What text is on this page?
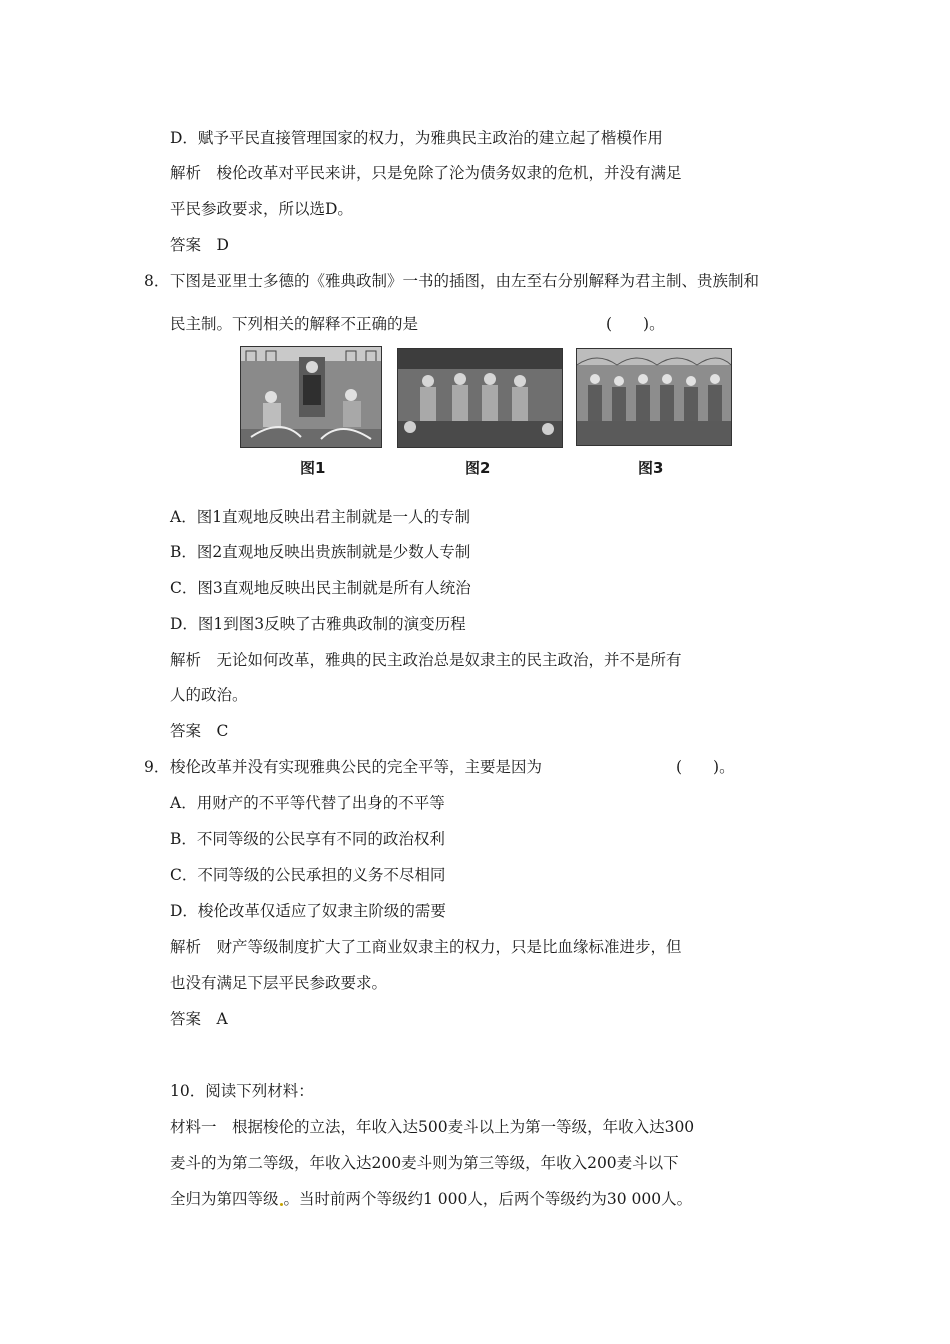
D．赋予平民直接管理国家的权力，为雅典民主政治的建立起了楷模作用
解析　梭伦改革对平民来讲，只是免除了沦为债务奴隶的危机，并没有满足
平民参政要求，所以选D。
答案　D
8． 下图是亚里士多德的《雅典政制》一书的插图，由左至右分别解释为君主制、贵族制和
民主制。下列相关的解释不正确的是	(　　)。
图1	图2	图3
A．图1直观地反映出君主制就是一人的专制
B．图2直观地反映出贵族制就是少数人专制
C．图3直观地反映出民主制就是所有人统治
D．图1到图3反映了古雅典政制的演变历程
解析　无论如何改革，雅典的民主政治总是奴隶主的民主政治，并不是所有
人的政治。
答案　C
9． 梭伦改革并没有实现雅典公民的完全平等，主要是因为	(　　)。
A．用财产的不平等代替了出身的不平等
B．不同等级的公民享有不同的政治权利
C．不同等级的公民承担的义务不尽相同
D．梭伦改革仅适应了奴隶主阶级的需要
解析　财产等级制度扩大了工商业奴隶主的权力，只是比血缘标准进步，但
也没有满足下层平民参政要求。
答案　A
10．阅读下列材料：
材料一　根据梭伦的立法，年收入达500麦斗以上为第一等级，年收入达300
麦斗的为第二等级，年收入达200麦斗则为第三等级，年收入200麦斗以下
全归为第四等级 。当时前两个等级约1 000人，后两个等级约为30 000人。
